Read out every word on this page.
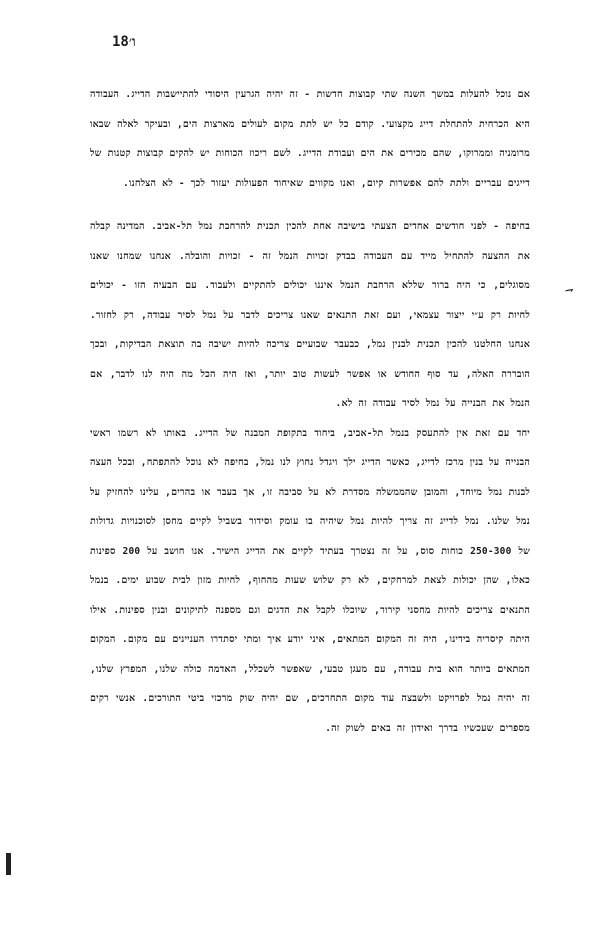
ו׳18
⇁

אם נוכל להעלות במשך השנה שתי קבוצות חדשות - זה יהיה הגרעין היסודי להתיישבות הדייג. העבודה היא הכרחית להתחלת דייג מקצועי. קודם כל יש לתת מקום לעולים מארצות הים, ובעיקר לאלה שבאו מרומניה וממרוקו, שהם מכירים את הים ועבודת הדייג. לשם ריכוז הכוחות יש להקים קבוצות קטנות של דייגים עבריים ולתת להם אפשרות קיום, ואנו מקווים שאיחוד הפעולות יעזור לכך - לא הצלחנו.

בחיפה - לפני חודשים אחדים הצעתי בישיבה אחת להכין תכנית להרחבת נמל תל-אביב. המדינה קבלה את ההצעה להתחיל מייד עם העבודה בבדק זכויות הנמל זה - זכויות והובלה. אנחנו שמחנו שאנו מסוגלים, כי היה ברור שללא הרחבת הנמל איננו יכולים להתקיים ולעבוד. עם הבעיה הזו - יכולים לחיות רק ע״י ייצור עצמאי, ועם זאת התנאים שאנו צריכים לדבר על נמל לסיר עבודה, רק לחזור. אנחנו החלטנו להכין תכנית לבנין נמל, כבעבר שבועיים צריכה להיות ישיבה בה תוצאת הבדיקות, ובכך הובררה האלה, עד סוף החודש או אפשר לעשות טוב יותר, ואז היה הכל מה היה לנו לדבר, אם הנמל את הבנייה על נמל לסיר עבודה זה לא.

יחד עם זאת אין להתעסק בנמל תל-אביב, ביחוד בתקופת המבנה של הדייג. באותו לא רשמו ראשי הבנייה על בנין מרכז לדייג, כאשר הדייג ילך ויגדל נחוץ לנו נמל, בחיפה לא נוכל להתפתח, ובכל העצה לבנות נמל מיוחד, והמובן שהממשלה מסדרת לא על סביבה זו, אך בעבר או בהרים, עלינו להחזיק על נמל שלנו. נמל לדייג זה צריך להיות נמל שיהיה בו עומק וסידור בשביל לקיים מחסן לסוכנויות גדולות של 250-300 כוחות סוס, על זה נצטרך בעתיד לקיים את הדייג הישיר. אנו חושב על 200 ספינות כאלו, שהן יכולות לצאת למרחקים, לא רק שלוש שעות מהחוף, לחיות מזון לבית שבוע ימים. בנמל התנאים צריכים להיות מחסני קירור, שיוכלו לקבל את הדגים וגם מספנה לתיקונים ובנין ספינות. אילו היתה קיסריה בידינו, היה זה המקום המתאים, איני יודע איך ומתי יסתדרו העניינים עם מקום. המקום המתאים ביותר הוא בית עבודה, עם מעגן טבעי, שאפשר לשכלל, האדמה כולה שלנו, המפרץ שלנו, זה יהיה נמל לפרויקט ולשבצה עוד מקום התחרכים, שם יהיה שוק מרכזי ביטי התורכים. אנשי רקים מספרים שעכשיו בדרך ואידון זה באים לשוק זה.
